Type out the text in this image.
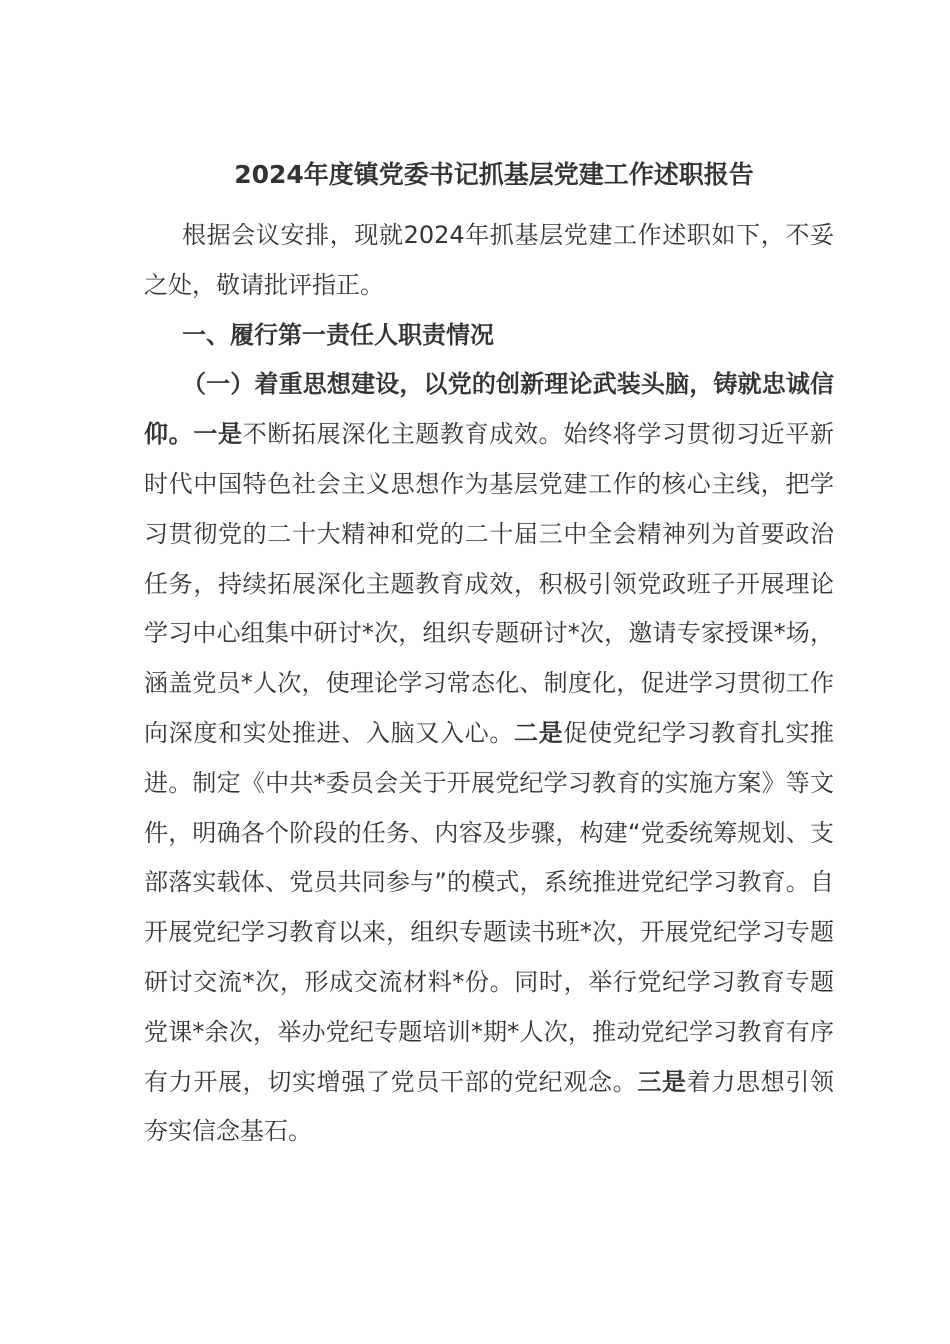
2024年度镇党委书记抓基层党建工作述职报告

根据会议安排，现就2024年抓基层党建工作述职如下，不妥之处，敬请批评指正。

一、履行第一责任人职责情况

（一）着重思想建设，以党的创新理论武装头脑，铸就忠诚信仰。一是不断拓展深化主题教育成效。始终将学习贯彻习近平新时代中国特色社会主义思想作为基层党建工作的核心主线，把学习贯彻党的二十大精神和党的二十届三中全会精神列为首要政治任务，持续拓展深化主题教育成效，积极引领党政班子开展理论学习中心组集中研讨*次，组织专题研讨*次，邀请专家授课*场，涵盖党员*人次，使理论学习常态化、制度化，促进学习贯彻工作向深度和实处推进、入脑又入心。二是促使党纪学习教育扎实推进。制定《中共*委员会关于开展党纪学习教育的实施方案》等文件，明确各个阶段的任务、内容及步骤，构建“党委统筹规划、支部落实载体、党员共同参与”的模式，系统推进党纪学习教育。自开展党纪学习教育以来，组织专题读书班*次，开展党纪学习专题研讨交流*次，形成交流材料*份。同时，举行党纪学习教育专题党课*余次，举办党纪专题培训*期*人次，推动党纪学习教育有序有力开展，切实增强了党员干部的党纪观念。三是着力思想引领夯实信念基石。
